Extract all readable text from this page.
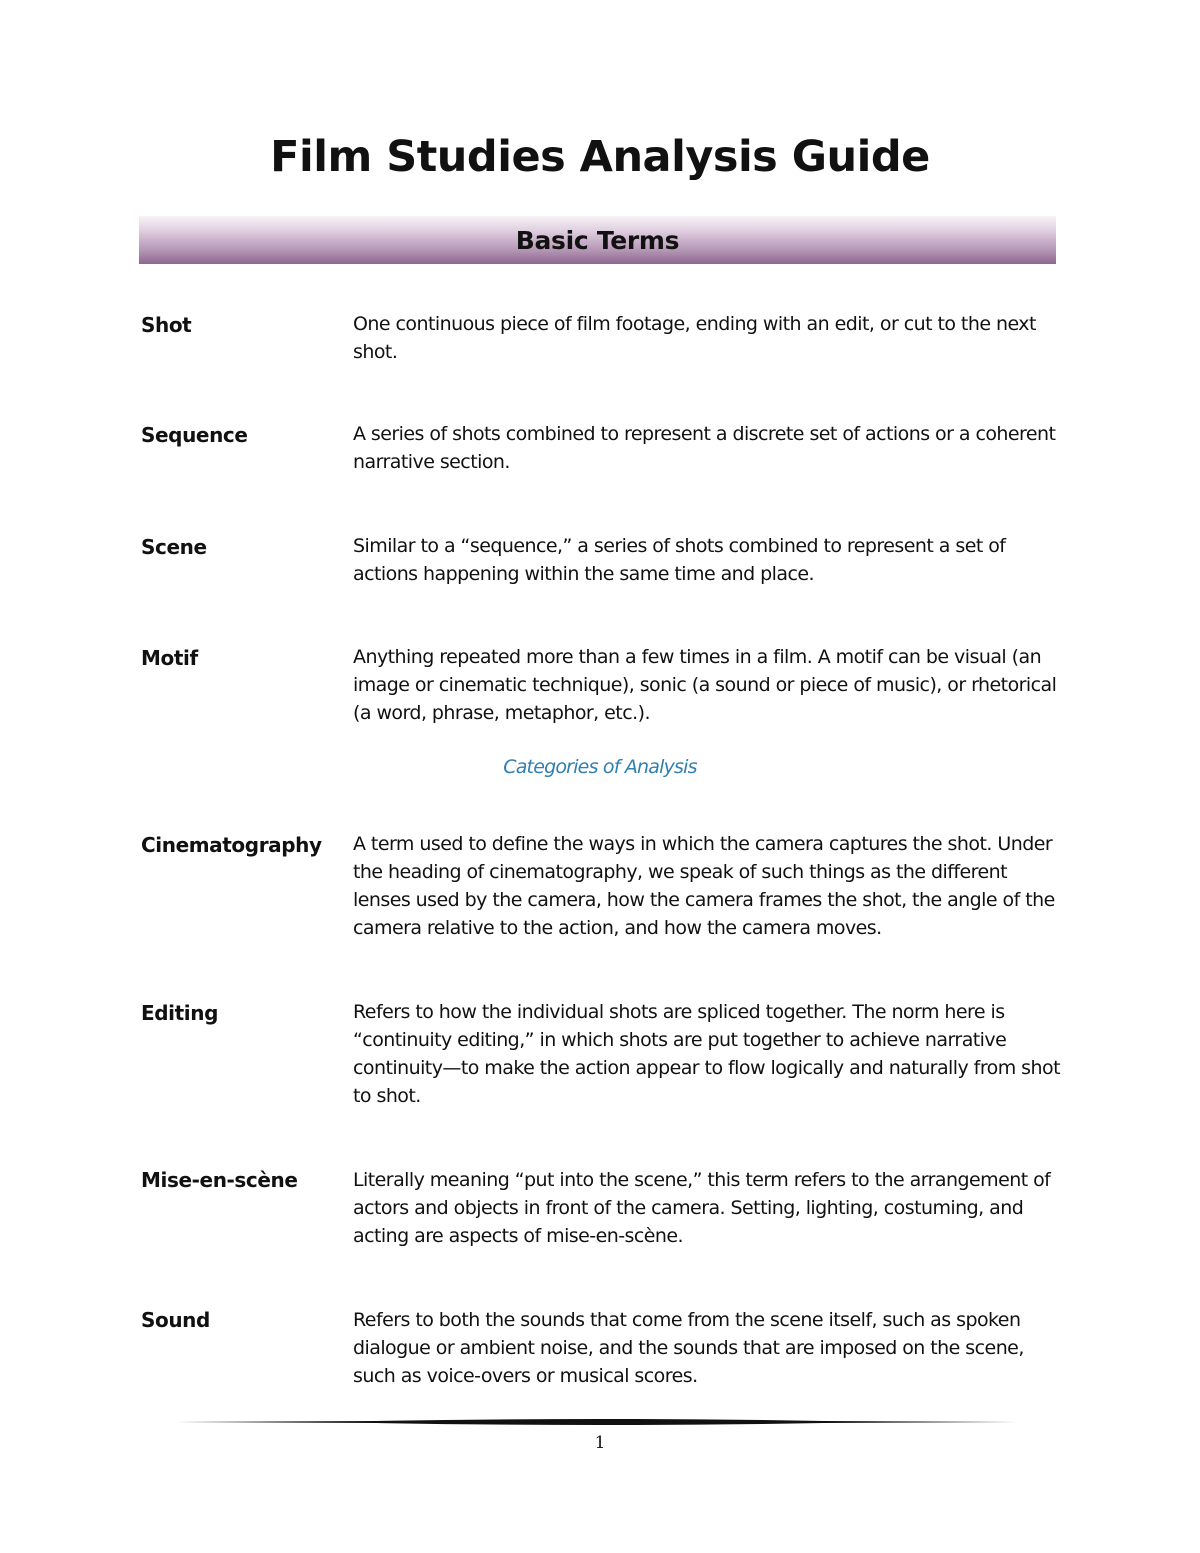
Film Studies Analysis Guide
Basic Terms
Shot	One continuous piece of film footage, ending with an edit, or cut to the next shot.
Sequence	A series of shots combined to represent a discrete set of actions or a coherent narrative section.
Scene	Similar to a “sequence,” a series of shots combined to represent a set of actions happening within the same time and place.
Motif	Anything repeated more than a few times in a film. A motif can be visual (an image or cinematic technique), sonic (a sound or piece of music), or rhetorical (a word, phrase, metaphor, etc.).
Categories of Analysis
Cinematography A term used to define the ways in which the camera captures the shot. Under the heading of cinematography, we speak of such things as the different lenses used by the camera, how the camera frames the shot, the angle of the camera relative to the action, and how the camera moves.
Editing	Refers to how the individual shots are spliced together. The norm here is “continuity editing,” in which shots are put together to achieve narrative continuity—to make the action appear to flow logically and naturally from shot to shot.
Mise-en-scène	Literally meaning “put into the scene,” this term refers to the arrangement of actors and objects in front of the camera. Setting, lighting, costuming, and acting are aspects of mise-en-scène.
Sound	Refers to both the sounds that come from the scene itself, such as spoken dialogue or ambient noise, and the sounds that are imposed on the scene, such as voice-overs or musical scores.
1
